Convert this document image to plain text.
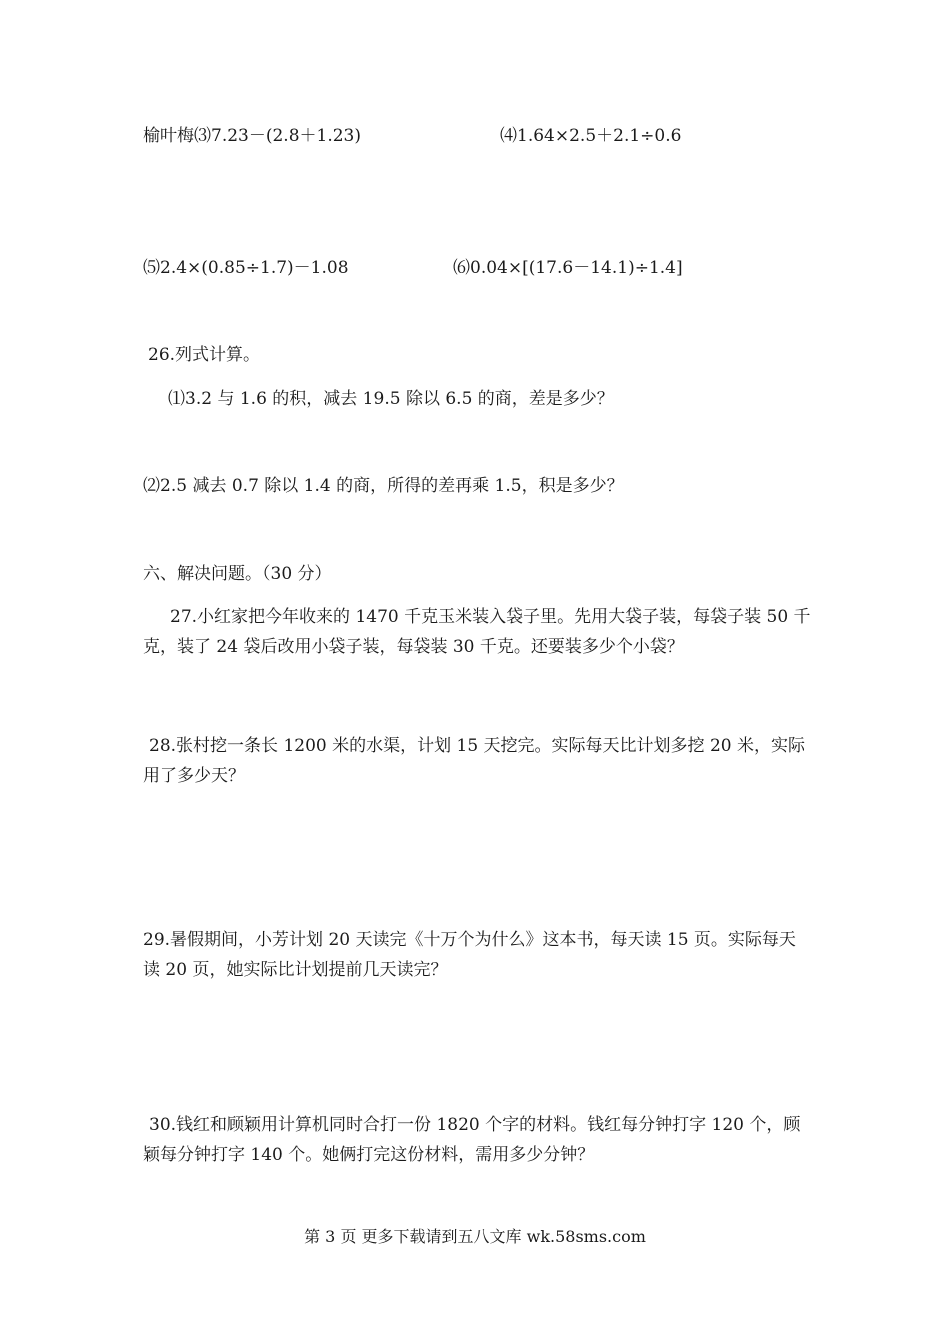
榆叶梅⑶7.23－(2.8＋1.23)	⑷1.64×2.5＋2.1÷0.6
⑸2.4×(0.85÷1.7)－1.08	⑹0.04×[(17.6－14.1)÷1.4]
26.列式计算。
⑴3.2 与 1.6 的积，减去 19.5 除以 6.5 的商，差是多少？
⑵2.5 减去 0.7 除以 1.4 的商，所得的差再乘 1.5，积是多少？
六、解决问题。（30 分）
27.小红家把今年收来的 1470 千克玉米装入袋子里。先用大袋子装，每袋子装 50 千克，装了 24 袋后改用小袋子装，每袋装 30 千克。还要装多少个小袋？
28.张村挖一条长 1200 米的水渠，计划 15 天挖完。实际每天比计划多挖 20 米，实际用了多少天？
29.暑假期间，小芳计划 20 天读完《十万个为什么》这本书，每天读 15 页。实际每天读 20 页，她实际比计划提前几天读完？
30.钱红和顾颖用计算机同时合打一份 1820 个字的材料。钱红每分钟打字 120 个，顾颖每分钟打字 140 个。她俩打完这份材料，需用多少分钟？
第 3 页 更多下载请到五八文库 wk.58sms.com
